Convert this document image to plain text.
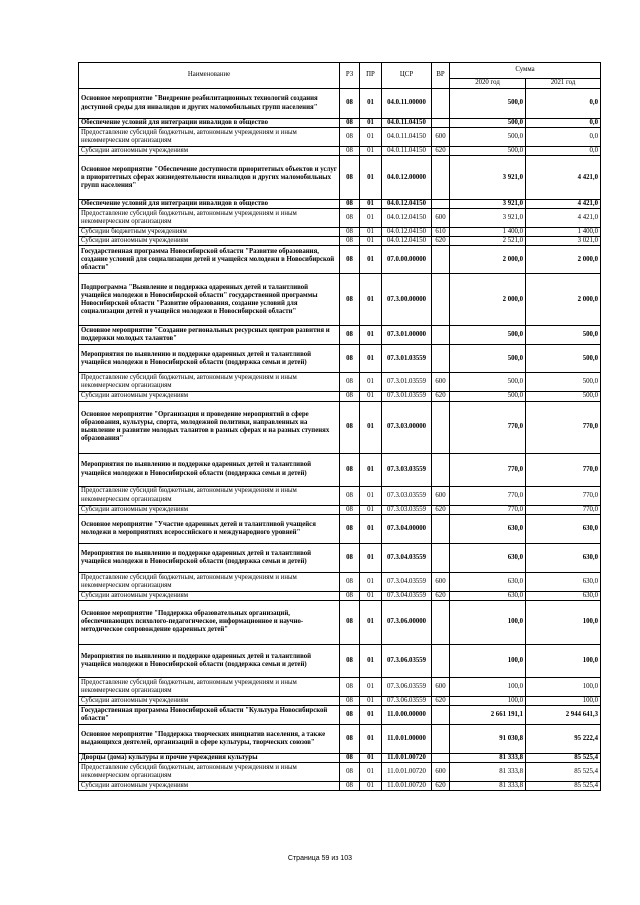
Наименование	РЗ	ПР	ЦСР	ВР	Сумма	
					2020 год	2021 год
Основное мероприятие "Внедрение реабилитационных технологий создания доступной среды для инвалидов и других маломобильных групп населения"	08	01	04.0.11.00000		500,0	0,0
Обеспечение условий для интеграции инвалидов в общество	08	01	04.0.11.04150		500,0	0,0
Предоставление субсидий бюджетным, автономным учреждениям и иным некоммерческим организациям	08	01	04.0.11.04150	600	500,0	0,0
Субсидии автономным учреждениям	08	01	04.0.11.04150	620	500,0	0,0
Основное мероприятие "Обеспечение доступности приоритетных объектов и услуг в приоритетных сферах жизнедеятельности инвалидов и других маломобильных групп населения"	08	01	04.0.12.00000		3 921,0	4 421,0
Обеспечение условий для интеграции инвалидов в общество	08	01	04.0.12.04150		3 921,0	4 421,0
Предоставление субсидий бюджетным, автономным учреждениям и иным некоммерческим организациям	08	01	04.0.12.04150	600	3 921,0	4 421,0
Субсидии бюджетным учреждениям	08	01	04.0.12.04150	610	1 400,0	1 400,0
Субсидии автономным учреждениям	08	01	04.0.12.04150	620	2 521,0	3 021,0
Государственная программа Новосибирской области "Развитие образования, создание условий для социализации детей и учащейся молодежи в Новосибирской области"	08	01	07.0.00.00000		2 000,0	2 000,0
Подпрограмма "Выявление и поддержка одаренных детей и талантливой учащейся молодежи в Новосибирской области" государственной программы Новосибирской области "Развитие образования, создание условий для социализации детей и учащейся молодежи в Новосибирской области"	08	01	07.3.00.00000		2 000,0	2 000,0
Основное мероприятие "Создание региональных ресурсных центров развития и поддержки молодых талантов"	08	01	07.3.01.00000		500,0	500,0
Мероприятия по выявлению и поддержке одаренных детей и талантливой учащейся молодежи в Новосибирской области (поддержка семьи и детей)	08	01	07.3.01.03559		500,0	500,0
Предоставление субсидий бюджетным, автономным учреждениям и иным некоммерческим организациям	08	01	07.3.01.03559	600	500,0	500,0
Субсидии автономным учреждениям	08	01	07.3.01.03559	620	500,0	500,0
Основное мероприятие "Организация и проведение мероприятий в сфере образования, культуры, спорта, молодежной политики, направленных на выявление и развитие молодых талантов в разных сферах и на разных ступенях образования"	08	01	07.3.03.00000		770,0	770,0
Мероприятия по выявлению и поддержке одаренных детей и талантливой учащейся молодежи в Новосибирской области (поддержка семьи и детей)	08	01	07.3.03.03559		770,0	770,0
Предоставление субсидий бюджетным, автономным учреждениям и иным некоммерческим организациям	08	01	07.3.03.03559	600	770,0	770,0
Субсидии автономным учреждениям	08	01	07.3.03.03559	620	770,0	770,0
Основное мероприятие "Участие одаренных детей и талантливой учащейся молодежи в мероприятиях всероссийского и международного уровней"	08	01	07.3.04.00000		630,0	630,0
Мероприятия по выявлению и поддержке одаренных детей и талантливой учащейся молодежи в Новосибирской области (поддержка семьи и детей)	08	01	07.3.04.03559		630,0	630,0
Предоставление субсидий бюджетным, автономным учреждениям и иным некоммерческим организациям	08	01	07.3.04.03559	600	630,0	630,0
Субсидии автономным учреждениям	08	01	07.3.04.03559	620	630,0	630,0
Основное мероприятие "Поддержка образовательных организаций, обеспечивающих психолого-педагогическое, информационное и научно-методическое сопровождение одаренных детей"	08	01	07.3.06.00000		100,0	100,0
Мероприятия по выявлению и поддержке одаренных детей и талантливой учащейся молодежи в Новосибирской области (поддержка семьи и детей)	08	01	07.3.06.03559		100,0	100,0
Предоставление субсидий бюджетным, автономным учреждениям и иным некоммерческим организациям	08	01	07.3.06.03559	600	100,0	100,0
Субсидии автономным учреждениям	08	01	07.3.06.03559	620	100,0	100,0
Государственная программа Новосибирской области "Культура Новосибирской области"	08	01	11.0.00.00000		2 661 191,1	2 944 641,3
Основное мероприятие "Поддержка творческих инициатив населения, а также выдающихся деятелей, организаций в сфере культуры, творческих союзов"	08	01	11.0.01.00000		91 030,8	95 222,4
Дворцы (дома) культуры и прочие учреждения культуры	08	01	11.0.01.00720		81 333,8	85 525,4
Предоставление субсидий бюджетным, автономным учреждениям и иным некоммерческим организациям	08	01	11.0.01.00720	600	81 333,8	85 525,4
Субсидии автономным учреждениям	08	01	11.0.01.00720	620	81 333,8	85 525,4
Страница 59 из 103
